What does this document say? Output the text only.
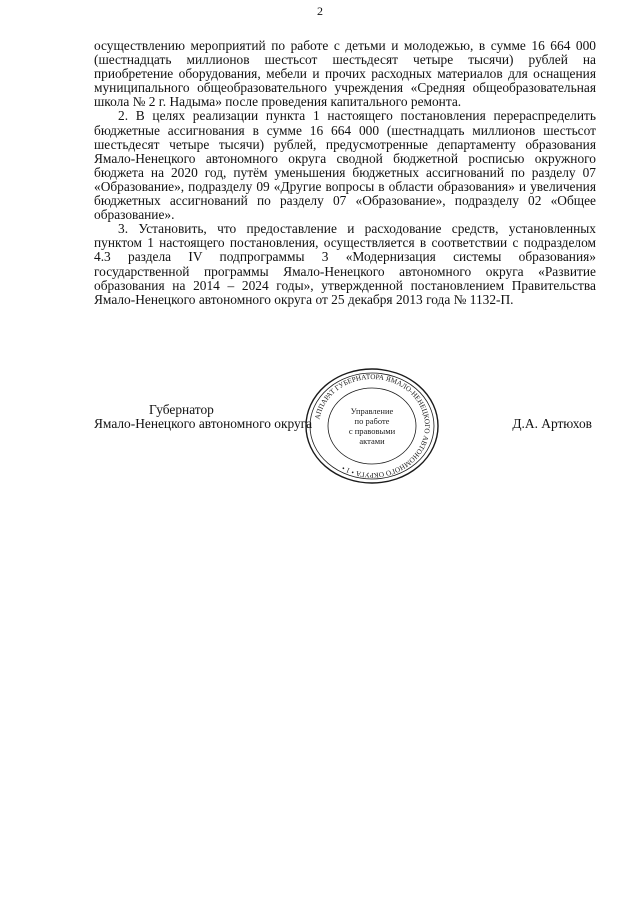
2

осуществлению мероприятий по работе с детьми и молодежью, в сумме 16 664 000 (шестнадцать миллионов шестьсот шестьдесят четыре тысячи) рублей на приобретение оборудования, мебели и прочих расходных материалов для оснащения муниципального общеобразовательного учреждения «Средняя общеобразовательная школа № 2 г. Надыма» после проведения капитального ремонта.

2. В целях реализации пункта 1 настоящего постановления перераспределить бюджетные ассигнования в сумме 16 664 000 (шестнадцать миллионов шестьсот шестьдесят четыре тысячи) рублей, предусмотренные департаменту образования Ямало-Ненецкого автономного округа сводной бюджетной росписью окружного бюджета на 2020 год, путём уменьшения бюджетных ассигнований по разделу 07 «Образование», подразделу 09 «Другие вопросы в области образования» и увеличения бюджетных ассигнований по разделу 07 «Образование», подразделу 02 «Общее образование».

3. Установить, что предоставление и расходование средств, установленных пунктом 1 настоящего постановления, осуществляется в соответствии с подразделом 4.3 раздела IV подпрограммы 3 «Модернизация системы образования» государственной программы Ямало-Ненецкого автономного округа «Развитие образования на 2014 – 2024 годы», утвержденной постановлением Правительства Ямало-Ненецкого автономного округа от 25 декабря 2013 года № 1132-П.

Губернатор
Ямало-Ненецкого автономного округа	Д.А. Артюхов
АППАРАТ ГУБЕРНАТОРА ЯМАЛО-НЕНЕЦКОГО АВТОНОМНОГО ОКРУГА • 1 •
Управление
по работе
с правовыми
актами
